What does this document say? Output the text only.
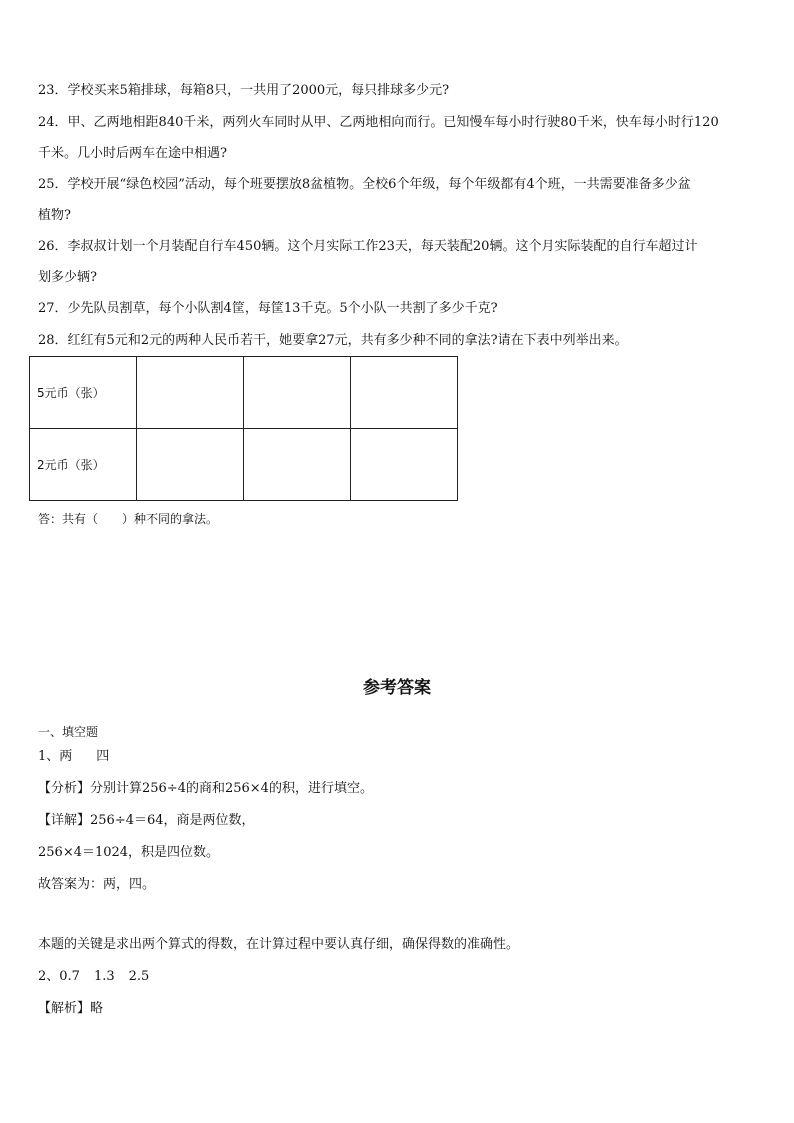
23．学校买来5箱排球，每箱8只，一共用了2000元，每只排球多少元?
24．甲、乙两地相距840千米，两列火车同时从甲、乙两地相向而行。已知慢车每小时行驶80千米，快车每小时行120
千米。几小时后两车在途中相遇?
25．学校开展“绿色校园”活动，每个班要摆放8盆植物。全校6个年级，每个年级都有4个班，一共需要准备多少盆
植物?
26．李叔叔计划一个月装配自行车450辆。这个月实际工作23天，每天装配20辆。这个月实际装配的自行车超过计
划多少辆?
27．少先队员割草，每个小队割4筐，每筐13千克。5个小队一共割了多少千克?
28．红红有5元和2元的两种人民币若干，她要拿27元，共有多少种不同的拿法?请在下表中列举出来。
5元币（张）			
2元币（张）			
答：共有（　　）种不同的拿法。
参考答案
一、填空题
1、两 四
【分析】分别计算256÷4的商和256×4的积，进行填空。
【详解】256÷4＝64，商是两位数，
256×4＝1024，积是四位数。
故答案为：两，四。
本题的关键是求出两个算式的得数，在计算过程中要认真仔细，确保得数的准确性。
2、0.7 1.3 2.5
【解析】略
